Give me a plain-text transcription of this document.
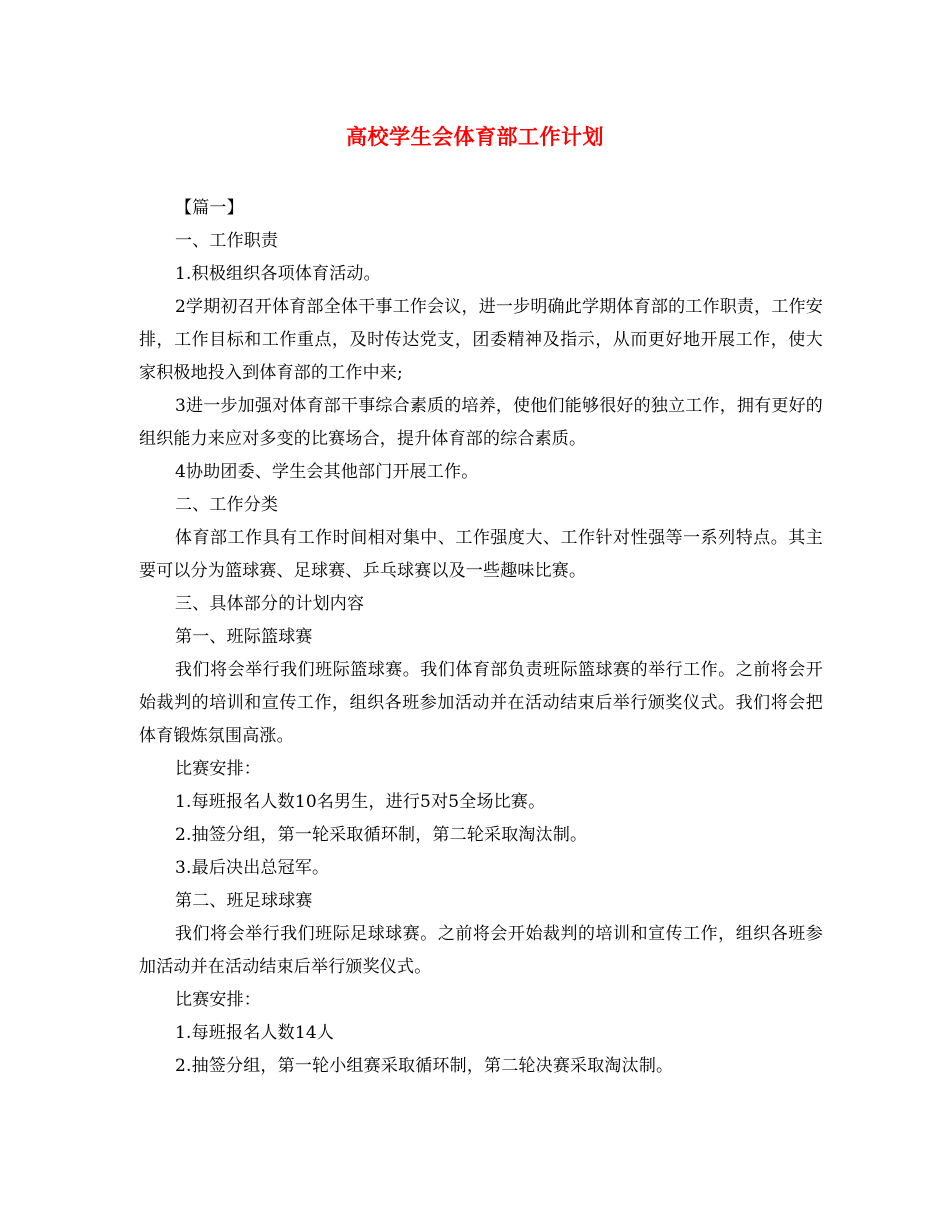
高校学生会体育部工作计划

【篇一】

一、工作职责

1.积极组织各项体育活动。

2学期初召开体育部全体干事工作会议，进一步明确此学期体育部的工作职责，工作安排，工作目标和工作重点，及时传达党支，团委精神及指示，从而更好地开展工作，使大家积极地投入到体育部的工作中来;

3进一步加强对体育部干事综合素质的培养，使他们能够很好的独立工作，拥有更好的组织能力来应对多变的比赛场合，提升体育部的综合素质。

4协助团委、学生会其他部门开展工作。

二、工作分类

体育部工作具有工作时间相对集中、工作强度大、工作针对性强等一系列特点。其主要可以分为篮球赛、足球赛、乒乓球赛以及一些趣味比赛。

三、具体部分的计划内容

第一、班际篮球赛

我们将会举行我们班际篮球赛。我们体育部负责班际篮球赛的举行工作。之前将会开始裁判的培训和宣传工作，组织各班参加活动并在活动结束后举行颁奖仪式。我们将会把体育锻炼氛围高涨。

比赛安排：

1.每班报名人数10名男生，进行5对5全场比赛。

2.抽签分组，第一轮采取循环制，第二轮采取淘汰制。

3.最后决出总冠军。

第二、班足球球赛

我们将会举行我们班际足球球赛。之前将会开始裁判的培训和宣传工作，组织各班参加活动并在活动结束后举行颁奖仪式。

比赛安排：

1.每班报名人数14人

2.抽签分组，第一轮小组赛采取循环制，第二轮决赛采取淘汰制。
